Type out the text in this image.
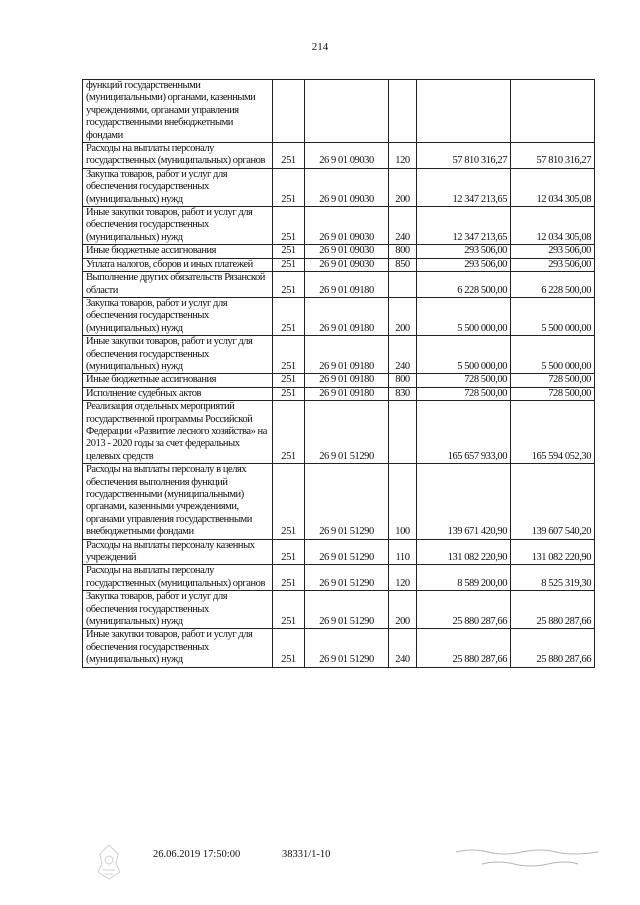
214
функций государственными (муниципальными) органами, казенными учреждениями, органами управления государственными внебюджетными фондами					
Расходы на выплаты персоналу государственных (муниципальных) органов	251	26 9 01 09030	120	57 810 316,27	57 810 316,27
Закупка товаров, работ и услуг для обеспечения государственных (муниципальных) нужд	251	26 9 01 09030	200	12 347 213,65	12 034 305,08
Иные закупки товаров, работ и услуг для обеспечения государственных (муниципальных) нужд	251	26 9 01 09030	240	12 347 213,65	12 034 305,08
Иные бюджетные ассигнования	251	26 9 01 09030	800	293 506,00	293 506,00
Уплата налогов, сборов и иных платежей	251	26 9 01 09030	850	293 506,00	293 506,00
Выполнение других обязательств Рязанской области	251	26 9 01 09180		6 228 500,00	6 228 500,00
Закупка товаров, работ и услуг для обеспечения государственных (муниципальных) нужд	251	26 9 01 09180	200	5 500 000,00	5 500 000,00
Иные закупки товаров, работ и услуг для обеспечения государственных (муниципальных) нужд	251	26 9 01 09180	240	5 500 000,00	5 500 000,00
Иные бюджетные ассигнования	251	26 9 01 09180	800	728 500,00	728 500,00
Исполнение судебных актов	251	26 9 01 09180	830	728 500,00	728 500,00
Реализация отдельных мероприятий государственной программы Российской Федерации «Развитие лесного хозяйства» на 2013 - 2020 годы за счет федеральных целевых средств	251	26 9 01 51290		165 657 933,00	165 594 052,30
Расходы на выплаты персоналу в целях обеспечения выполнения функций государственными (муниципальными) органами, казенными учреждениями, органами управления государственными внебюджетными фондами	251	26 9 01 51290	100	139 671 420,90	139 607 540,20
Расходы на выплаты персоналу казенных учреждений	251	26 9 01 51290	110	131 082 220,90	131 082 220,90
Расходы на выплаты персоналу государственных (муниципальных) органов	251	26 9 01 51290	120	8 589 200,00	8 525 319,30
Закупка товаров, работ и услуг для обеспечения государственных (муниципальных) нужд	251	26 9 01 51290	200	25 880 287,66	25 880 287,66
Иные закупки товаров, работ и услуг для обеспечения государственных (муниципальных) нужд	251	26 9 01 51290	240	25 880 287,66	25 880 287,66
26.06.2019 17:50:00	38331/1-10
